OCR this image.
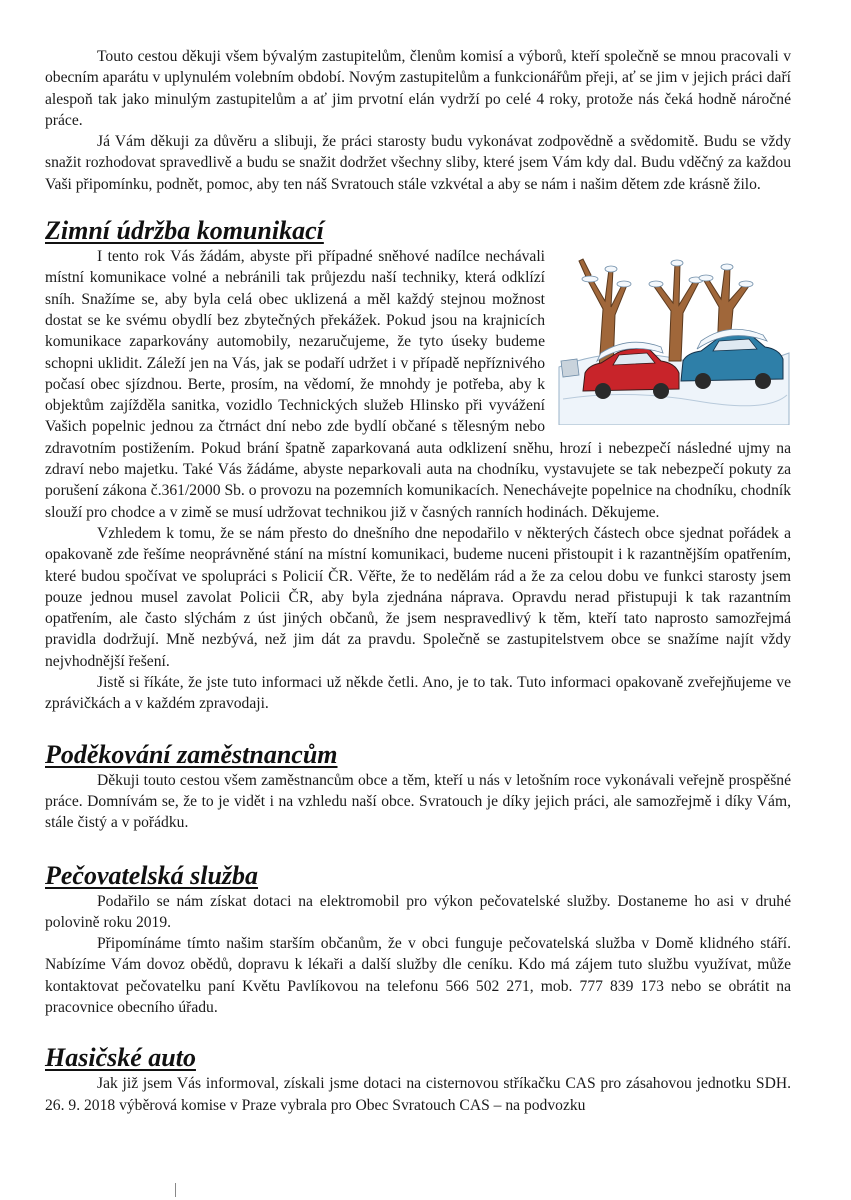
Touto cestou děkuji všem bývalým zastupitelům, členům komisí a výborů, kteří společně se mnou pracovali v obecním aparátu v uplynulém volebním období. Novým zastupitelům a funkcionářům přeji, ať se jim v jejich práci daří alespoň tak jako minulým zastupitelům a ať jim prvotní elán vydrží po celé 4 roky, protože nás čeká hodně náročné práce.

Já Vám děkuji za důvěru a slibuji, že práci starosty budu vykonávat zodpovědně a svědomitě. Budu se vždy snažit rozhodovat spravedlivě a budu se snažit dodržet všechny sliby, které jsem Vám kdy dal. Budu vděčný za každou Vaši připomínku, podnět, pomoc, aby ten náš Svratouch stále vzkvétal a aby se nám i našim dětem zde krásně žilo.

Zimní údržba komunikací

I tento rok Vás žádám, abyste při případné sněhové nadílce nechávali místní komunikace volné a nebránili tak průjezdu naší techniky, která odklízí sníh. Snažíme se, aby byla celá obec uklizená a měl každý stejnou možnost dostat se ke svému obydlí bez zbytečných překážek. Pokud jsou na krajnicích komunikace zaparkovány automobily, nezaručujeme, že tyto úseky budeme schopni uklidit. Záleží jen na Vás, jak se podaří udržet i v případě nepříznivého počasí obec sjízdnou. Berte, prosím, na vědomí, že mnohdy je potřeba, aby k objektům zajížděla sanitka, vozidlo Technických služeb Hlinsko při vyvážení Vašich popelnic jednou za čtrnáct dní nebo zde bydlí občané s tělesným nebo zdravotním postižením. Pokud brání špatně zaparkovaná auta odklizení sněhu, hrozí i nebezpečí následné ujmy na zdraví nebo majetku. Také Vás žádáme, abyste neparkovali auta na chodníku, vystavujete se tak nebezpečí pokuty za porušení zákona č.361/2000 Sb. o provozu na pozemních komunikacích. Nenechávejte popelnice na chodníku, chodník slouží pro chodce a v zimě se musí udržovat technikou již v časných ranních hodinách. Děkujeme.

Vzhledem k tomu, že se nám přesto do dnešního dne nepodařilo v některých částech obce sjednat pořádek a opakovaně zde řešíme neoprávněné stání na místní komunikaci, budeme nuceni přistoupit i k razantnějším opatřením, které budou spočívat ve spolupráci s Policií ČR. Věřte, že to nedělám rád a že za celou dobu ve funkci starosty jsem pouze jednou musel zavolat Policii ČR, aby byla zjednána náprava. Opravdu nerad přistupuji k tak razantním opatřením, ale často slýchám z úst jiných občanů, že jsem nespravedlivý k těm, kteří tato naprosto samozřejmá pravidla dodržují. Mně nezbývá, než jim dát za pravdu. Společně se zastupitelstvem obce se snažíme najít vždy nejvhodnější řešení.

Jistě si říkáte, že jste tuto informaci už někde četli. Ano, je to tak. Tuto informaci opakovaně zveřejňujeme ve zprávičkách a v každém zpravodaji.

Poděkování zaměstnancům

Děkuji touto cestou všem zaměstnancům obce a těm, kteří u nás v letošním roce vykonávali veřejně prospěšné práce. Domnívám se, že to je vidět i na vzhledu naší obce. Svratouch je díky jejich práci, ale samozřejmě i díky Vám, stále čistý a v pořádku.

Pečovatelská služba

Podařilo se nám získat dotaci na elektromobil pro výkon pečovatelské služby. Dostaneme ho asi v druhé polovině roku 2019.

Připomínáme tímto našim starším občanům, že v obci funguje pečovatelská služba v Domě klidného stáří. Nabízíme Vám dovoz obědů, dopravu k lékaři a další služby dle ceníku. Kdo má zájem tuto službu využívat, může kontaktovat pečovatelku paní Květu Pavlíkovou na telefonu 566 502 271, mob. 777 839 173 nebo se obrátit na pracovnice obecního úřadu.

Hasičské auto

Jak již jsem Vás informoval, získali jsme dotaci na cisternovou stříkačku CAS pro zásahovou jednotku SDH. 26. 9. 2018 výběrová komise v Praze vybrala pro Obec Svratouch CAS – na podvozku
